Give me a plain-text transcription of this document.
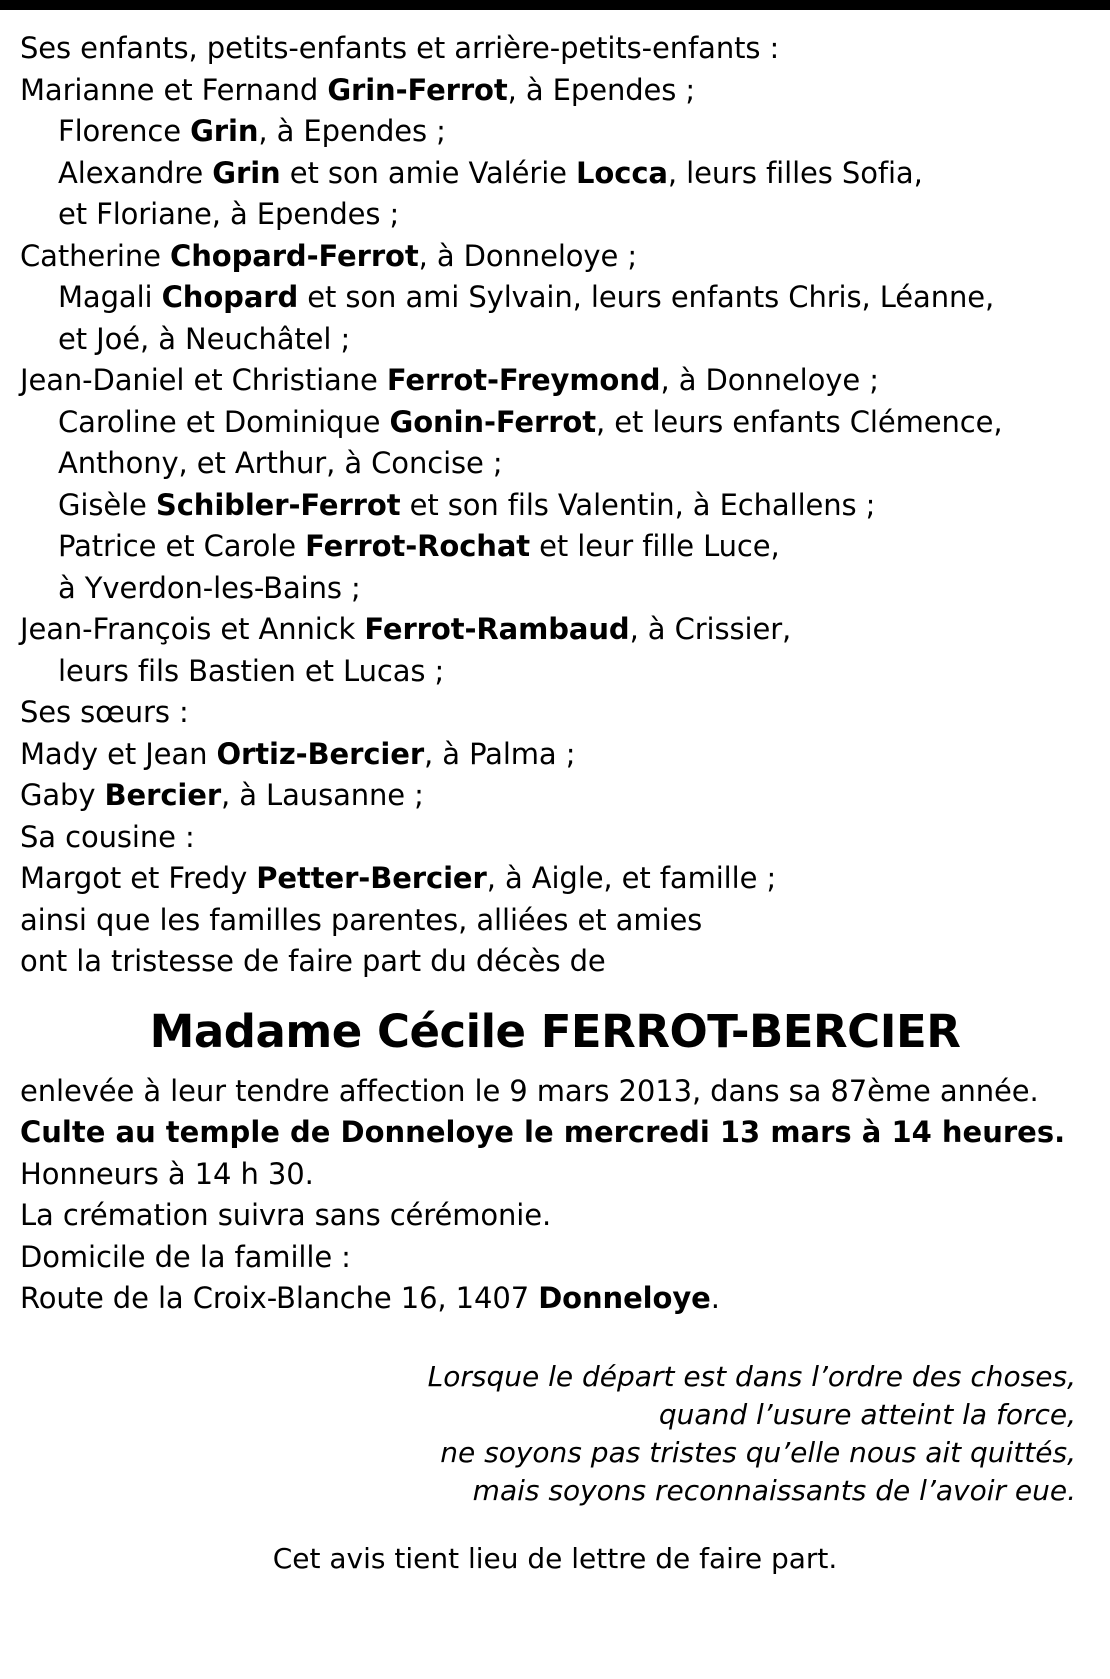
Ses enfants, petits-enfants et arrière-petits-enfants :
Marianne et Fernand Grin-Ferrot, à Ependes ;
Florence Grin, à Ependes ;
Alexandre Grin et son amie Valérie Locca, leurs filles Sofia,
et Floriane, à Ependes ;
Catherine Chopard-Ferrot, à Donneloye ;
Magali Chopard et son ami Sylvain, leurs enfants Chris, Léanne,
et Joé, à Neuchâtel ;
Jean-Daniel et Christiane Ferrot-Freymond, à Donneloye ;
Caroline et Dominique Gonin-Ferrot, et leurs enfants Clémence,
Anthony, et Arthur, à Concise ;
Gisèle Schibler-Ferrot et son fils Valentin, à Echallens ;
Patrice et Carole Ferrot-Rochat et leur fille Luce,
à Yverdon-les-Bains ;
Jean-François et Annick Ferrot-Rambaud, à Crissier,
leurs fils Bastien et Lucas ;
Ses sœurs :
Mady et Jean Ortiz-Bercier, à Palma ;
Gaby Bercier, à Lausanne ;
Sa cousine :
Margot et Fredy Petter-Bercier, à Aigle, et famille ;
ainsi que les familles parentes, alliées et amies
ont la tristesse de faire part du décès de
Madame Cécile FERROT-BERCIER
enlevée à leur tendre affection le 9 mars 2013, dans sa 87ème année.
Culte au temple de Donneloye le mercredi 13 mars à 14 heures.
Honneurs à 14 h 30.
La crémation suivra sans cérémonie.
Domicile de la famille :
Route de la Croix-Blanche 16, 1407 Donneloye.
Lorsque le départ est dans l’ordre des choses,
quand l’usure atteint la force,
ne soyons pas tristes qu’elle nous ait quittés,
mais soyons reconnaissants de l’avoir eue.
Cet avis tient lieu de lettre de faire part.
